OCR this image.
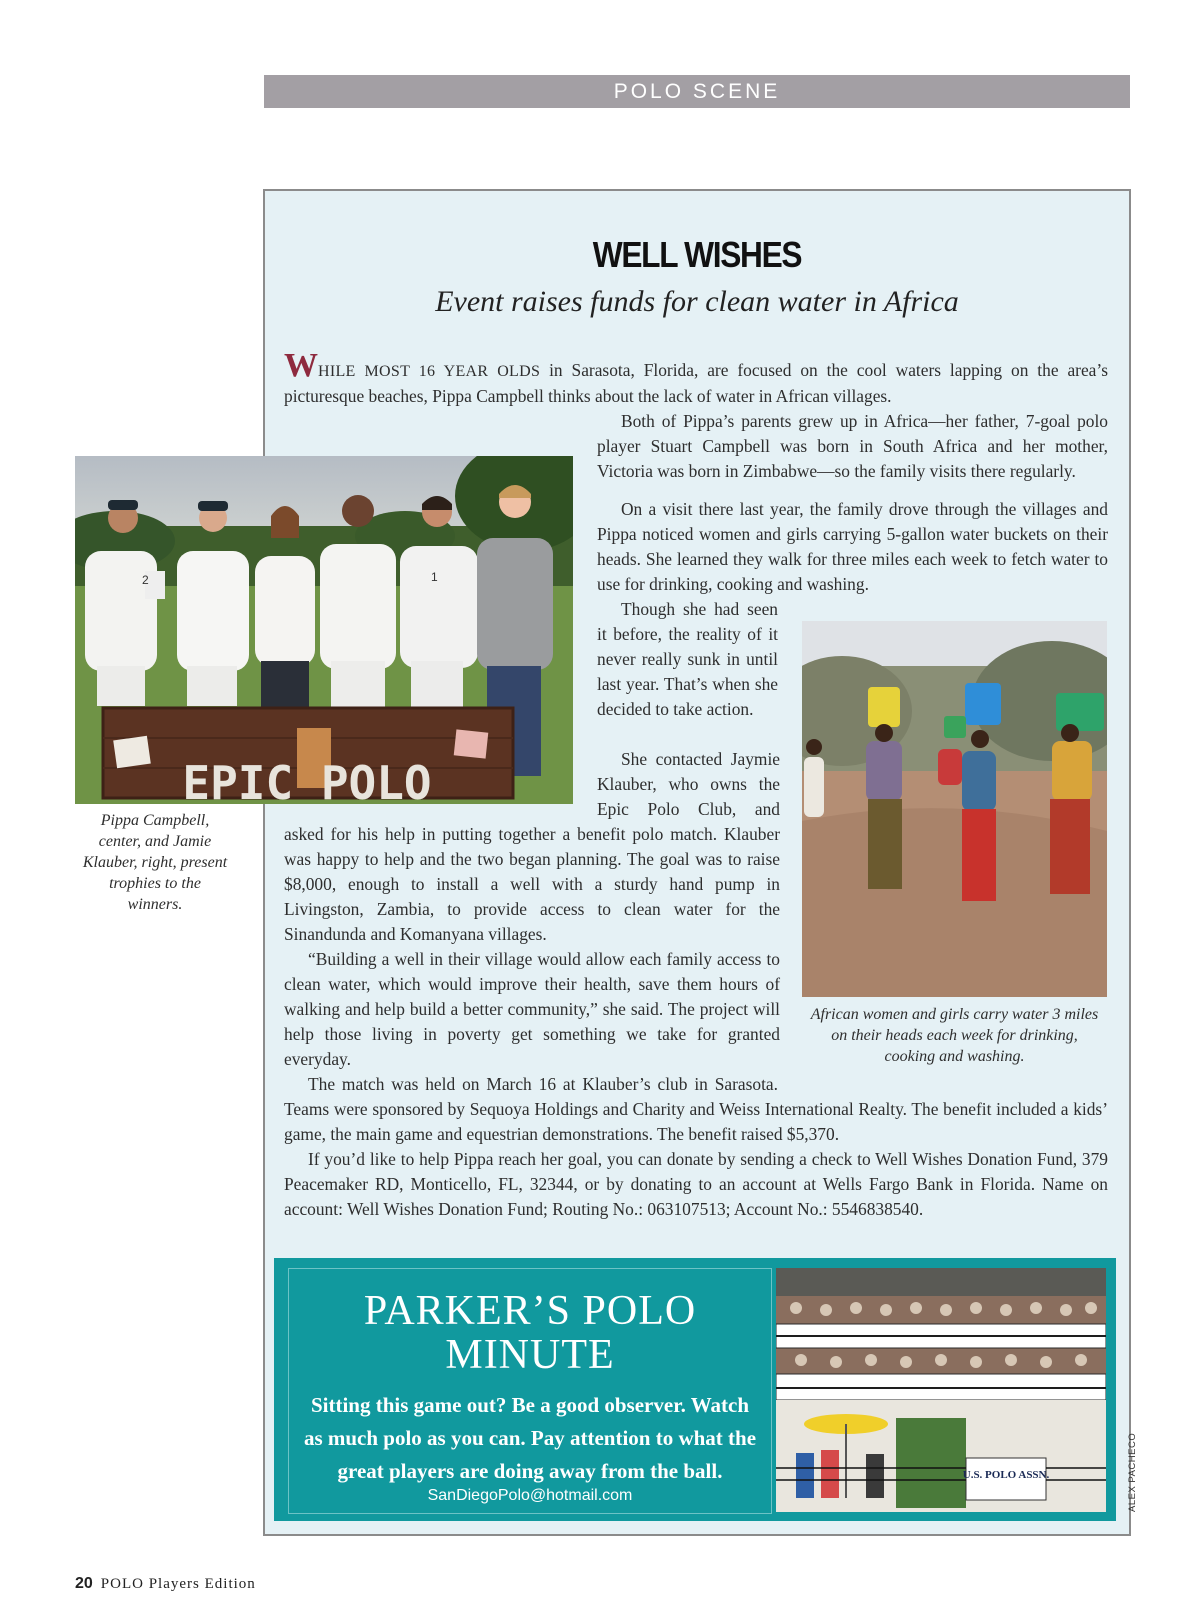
POLO SCENE
WELL WISHES
Event raises funds for clean water in Africa

WHILE MOST 16 YEAR OLDS in Sarasota, Florida, are focused on the cool waters lapping on the area’s picturesque beaches, Pippa Campbell thinks about the lack of water in African villages.

Both of Pippa’s parents grew up in Africa—her father, 7-goal polo player Stuart Campbell was born in South Africa and her mother, Victoria was born in Zimbabwe—so the family visits there regularly.

On a visit there last year, the family drove through the villages and Pippa noticed women and girls carrying 5-gallon water buckets on their heads. She learned they walk for three miles each week to fetch water to use for drinking, cooking and washing.

Though she had seen it before, the reality of it never really sunk in until last year. That’s when she decided to take action.

She contacted Jaymie Klauber, who owns the Epic Polo Club, and asked for his help in putting together a benefit polo match. Klauber was happy to help and the two began planning. The goal was to raise $8,000, enough to install a well with a sturdy hand pump in Livingston, Zambia, to provide access to clean water for the Sinandunda and Komanyana villages.

“Building a well in their village would allow each family access to clean water, which would improve their health, save them hours of walking and help build a better community,” she said. The project will help those living in poverty get something we take for granted everyday.

The match was held on March 16 at Klauber’s club in Sarasota. Teams were sponsored by Sequoya Holdings and Charity and Weiss International Realty. The benefit included a kids’ game, the main game and equestrian demonstrations. The benefit raised $5,370.

If you’d like to help Pippa reach her goal, you can donate by sending a check to Well Wishes Donation Fund, 379 Peacemaker RD, Monticello, FL, 32344, or by donating to an account at Wells Fargo Bank in Florida. Name on account: Well Wishes Donation Fund; Routing No.: 063107513; Account No.: 5546838540.

2	1
EPIC POLO
Pippa Campbell, center, and Jamie Klauber, right, present trophies to the winners.
African women and girls carry water 3 miles on their heads each week for drinking, cooking and washing.
PARKER’S POLO
MINUTE
Sitting this game out? Be a good observer. Watch as much polo as you can. Pay attention to what the great players are doing away from the ball.
SanDiegoPolo@hotmail.com
U.S. POLO ASSN.	ALEX PACHECO
20 POLO Players Edition
